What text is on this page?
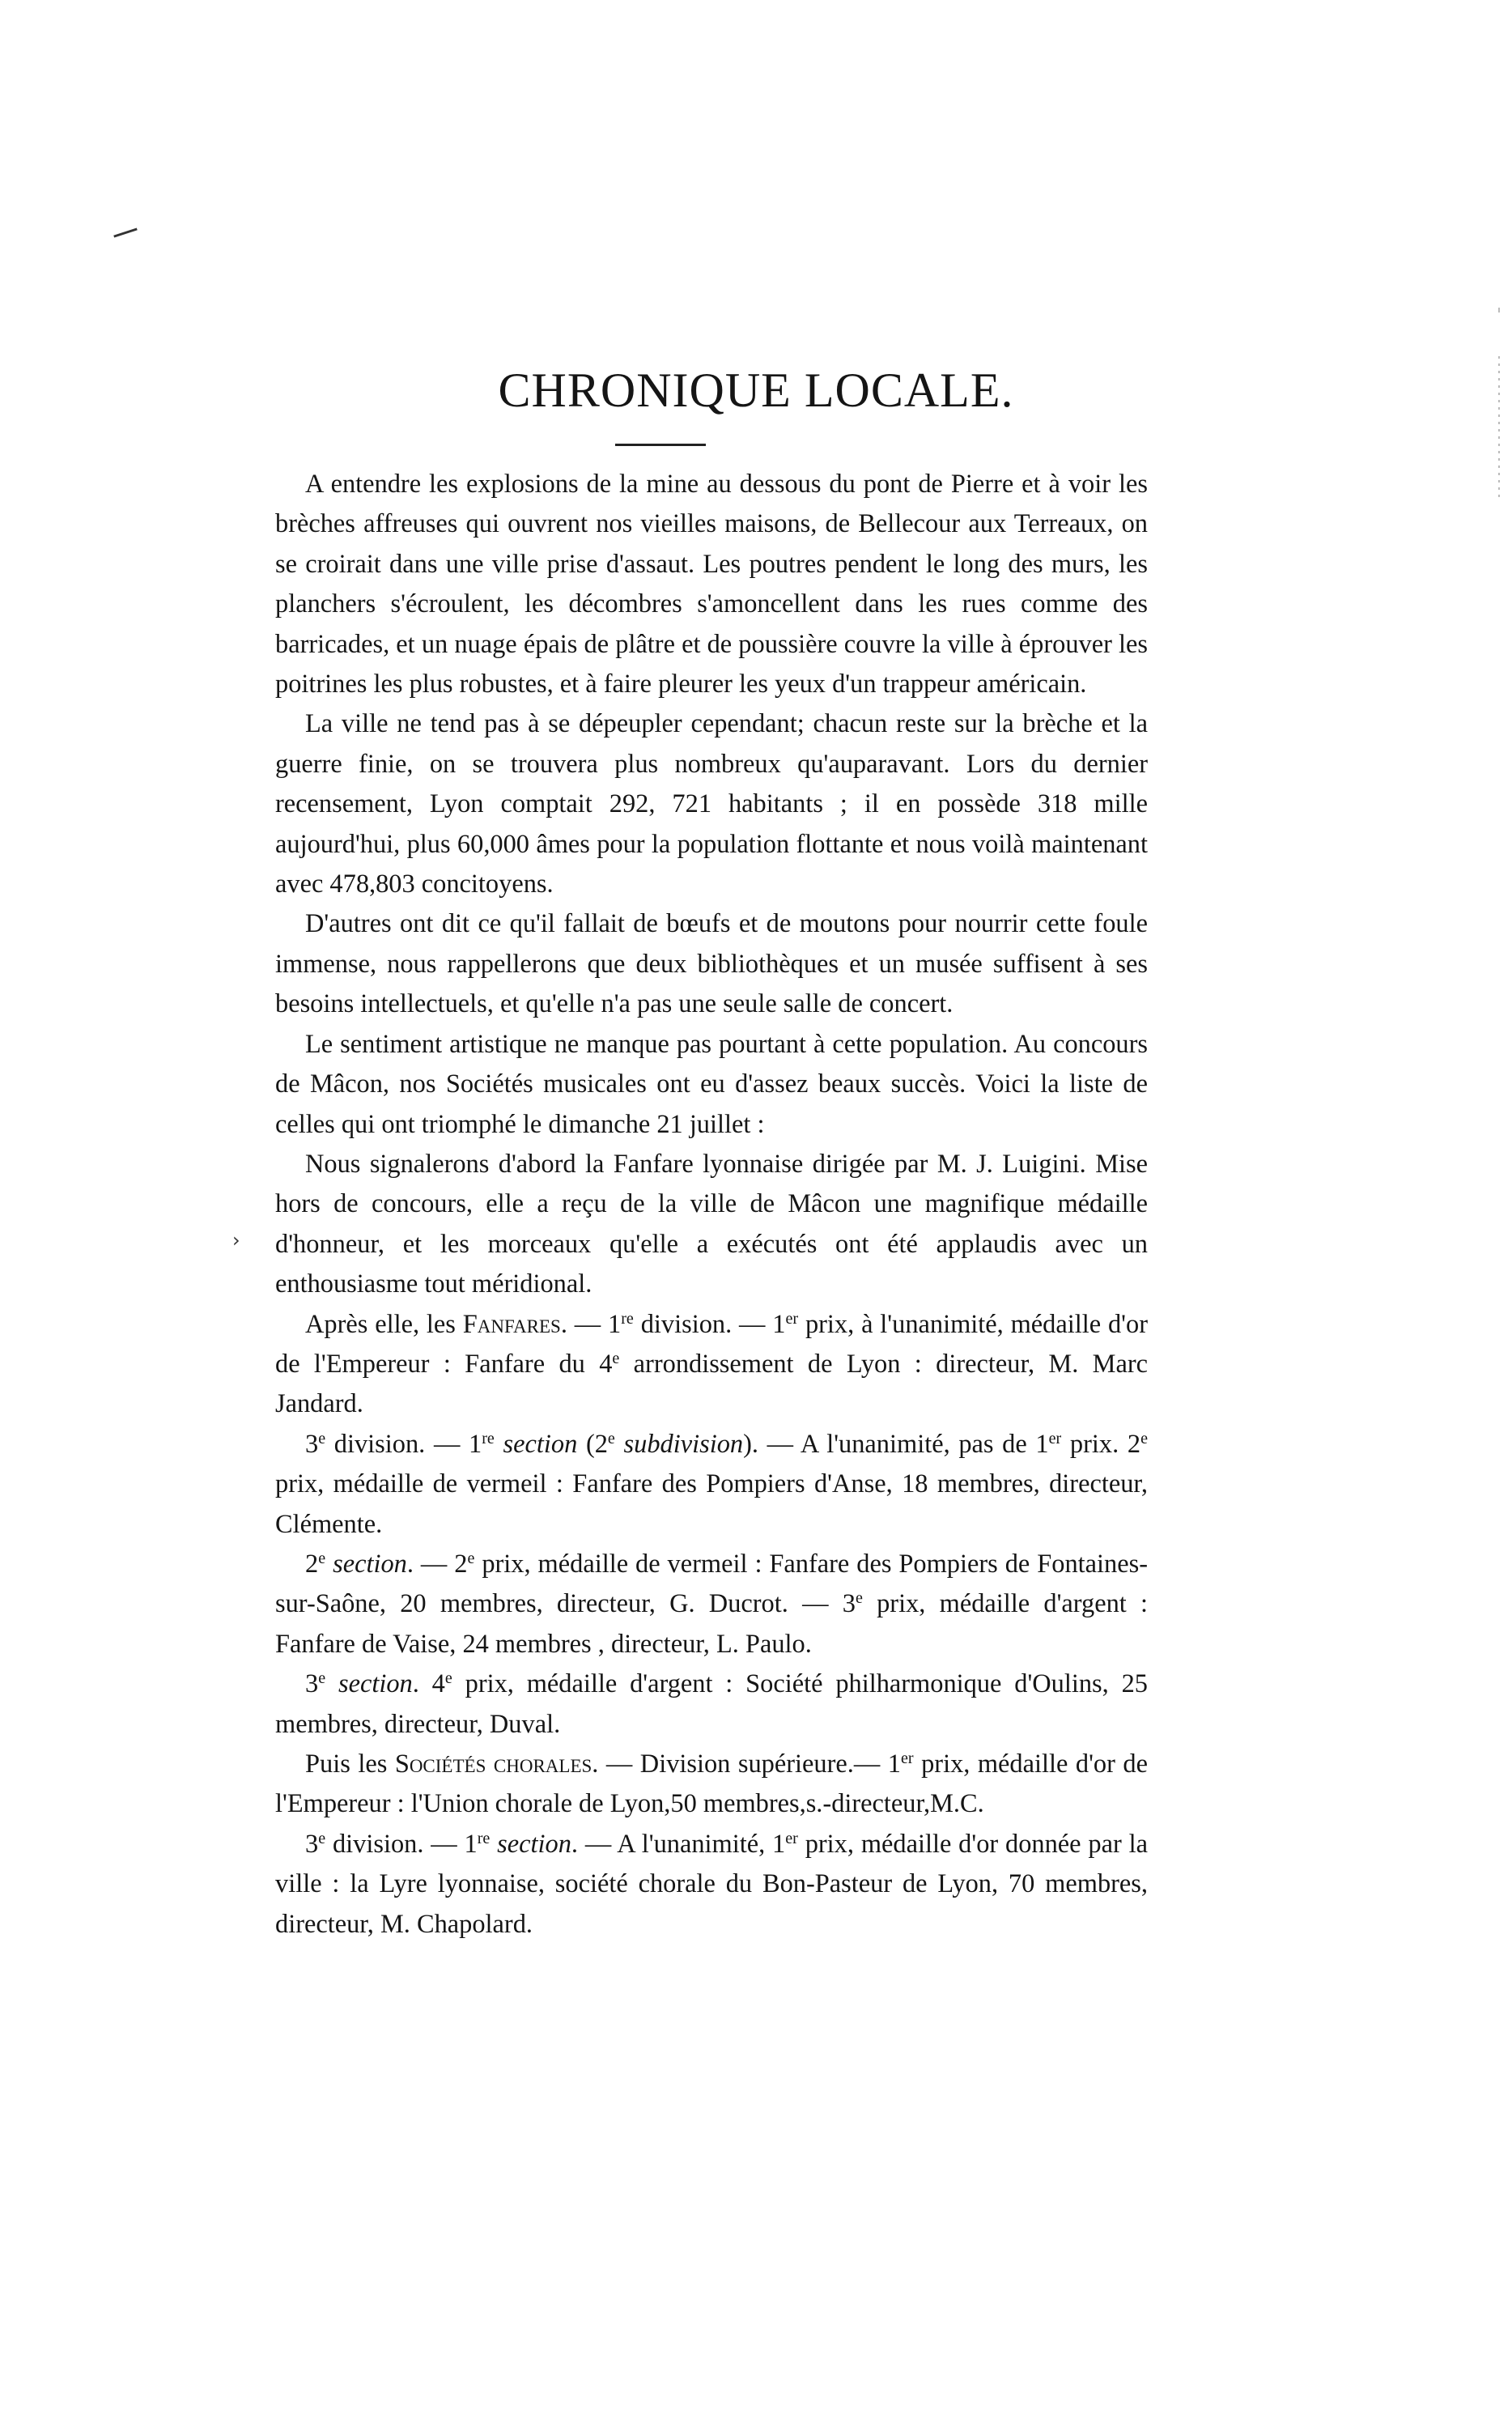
CHRONIQUE LOCALE.

A entendre les explosions de la mine au dessous du pont de Pierre et à voir les brèches affreuses qui ouvrent nos vieilles maisons, de Bellecour aux Terreaux, on se croirait dans une ville prise d'assaut. Les poutres pendent le long des murs, les planchers s'écroulent, les décombres s'amoncellent dans les rues comme des barricades, et un nuage épais de plâtre et de poussière couvre la ville à éprouver les poitrines les plus robustes, et à faire pleurer les yeux d'un trappeur américain.

La ville ne tend pas à se dépeupler cependant; chacun reste sur la brèche et la guerre finie, on se trouvera plus nombreux qu'auparavant. Lors du dernier recensement, Lyon comptait 292, 721 habitants ; il en possède 318 mille aujourd'hui, plus 60,000 âmes pour la population flottante et nous voilà maintenant avec 478,803 concitoyens.

D'autres ont dit ce qu'il fallait de bœufs et de moutons pour nourrir cette foule immense, nous rappellerons que deux bibliothèques et un musée suffisent à ses besoins intellectuels, et qu'elle n'a pas une seule salle de concert.

Le sentiment artistique ne manque pas pourtant à cette population. Au concours de Mâcon, nos Sociétés musicales ont eu d'assez beaux succès. Voici la liste de celles qui ont triomphé le dimanche 21 juillet :

Nous signalerons d'abord la Fanfare lyonnaise dirigée par M. J. Luigini. Mise hors de concours, elle a reçu de la ville de Mâcon une magnifique médaille d'honneur, et les morceaux qu'elle a exécutés ont été applaudis avec un enthousiasme tout méridional.

Après elle, les Fanfares. — 1re division. — 1er prix, à l'unanimité, médaille d'or de l'Empereur : Fanfare du 4e arrondissement de Lyon : directeur, M. Marc Jandard.

3e division. — 1re section (2e subdivision). — A l'unanimité, pas de 1er prix. 2e prix, médaille de vermeil : Fanfare des Pompiers d'Anse, 18 membres, directeur, Clémente.

2e section. — 2e prix, médaille de vermeil : Fanfare des Pompiers de Fontaines-sur-Saône, 20 membres, directeur, G. Ducrot. — 3e prix, médaille d'argent : Fanfare de Vaise, 24 membres , directeur, L. Paulo.

3e section. 4e prix, médaille d'argent : Société philharmonique d'Oulins, 25 membres, directeur, Duval.

Puis les Sociétés chorales. — Division supérieure.— 1er prix, médaille d'or de l'Empereur : l'Union chorale de Lyon,50 membres,s.-directeur,M.C.

3e division. — 1re section. — A l'unanimité, 1er prix, médaille d'or donnée par la ville : la Lyre lyonnaise, société chorale du Bon-Pasteur de Lyon, 70 membres, directeur, M. Chapolard.

›
